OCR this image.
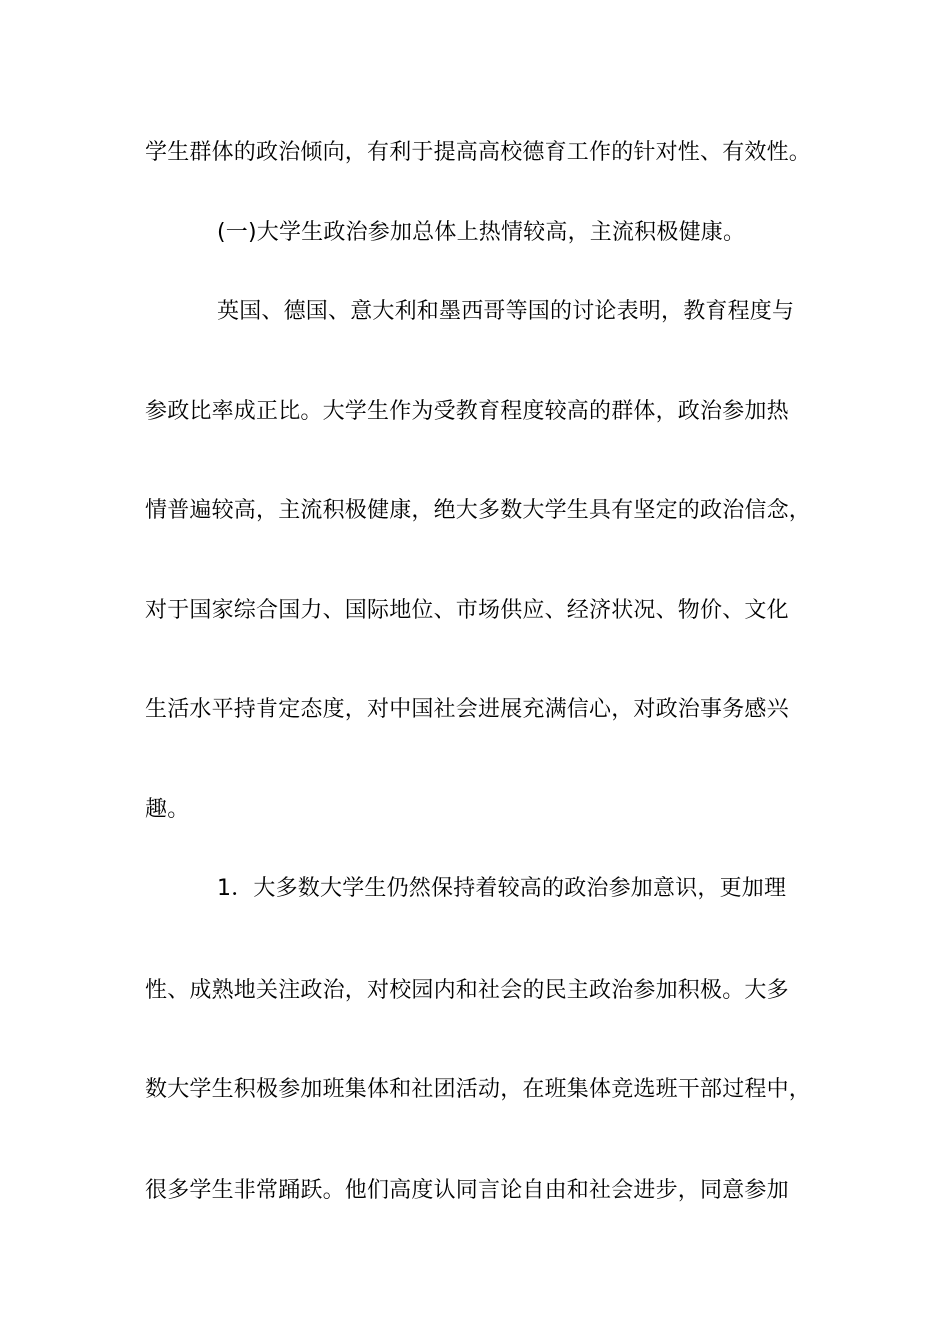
学生群体的政治倾向，有利于提高高校德育工作的针对性、有效性。
(一)大学生政治参加总体上热情较高，主流积极健康。
英国、德国、意大利和墨西哥等国的讨论表明，教育程度与
参政比率成正比。大学生作为受教育程度较高的群体，政治参加热
情普遍较高，主流积极健康，绝大多数大学生具有坚定的政治信念，
对于国家综合国力、国际地位、市场供应、经济状况、物价、文化
生活水平持肯定态度，对中国社会进展充满信心，对政治事务感兴
趣。
1．大多数大学生仍然保持着较高的政治参加意识，更加理
性、成熟地关注政治，对校园内和社会的民主政治参加积极。大多
数大学生积极参加班集体和社团活动，在班集体竞选班干部过程中，
很多学生非常踊跃。他们高度认同言论自由和社会进步，同意参加
